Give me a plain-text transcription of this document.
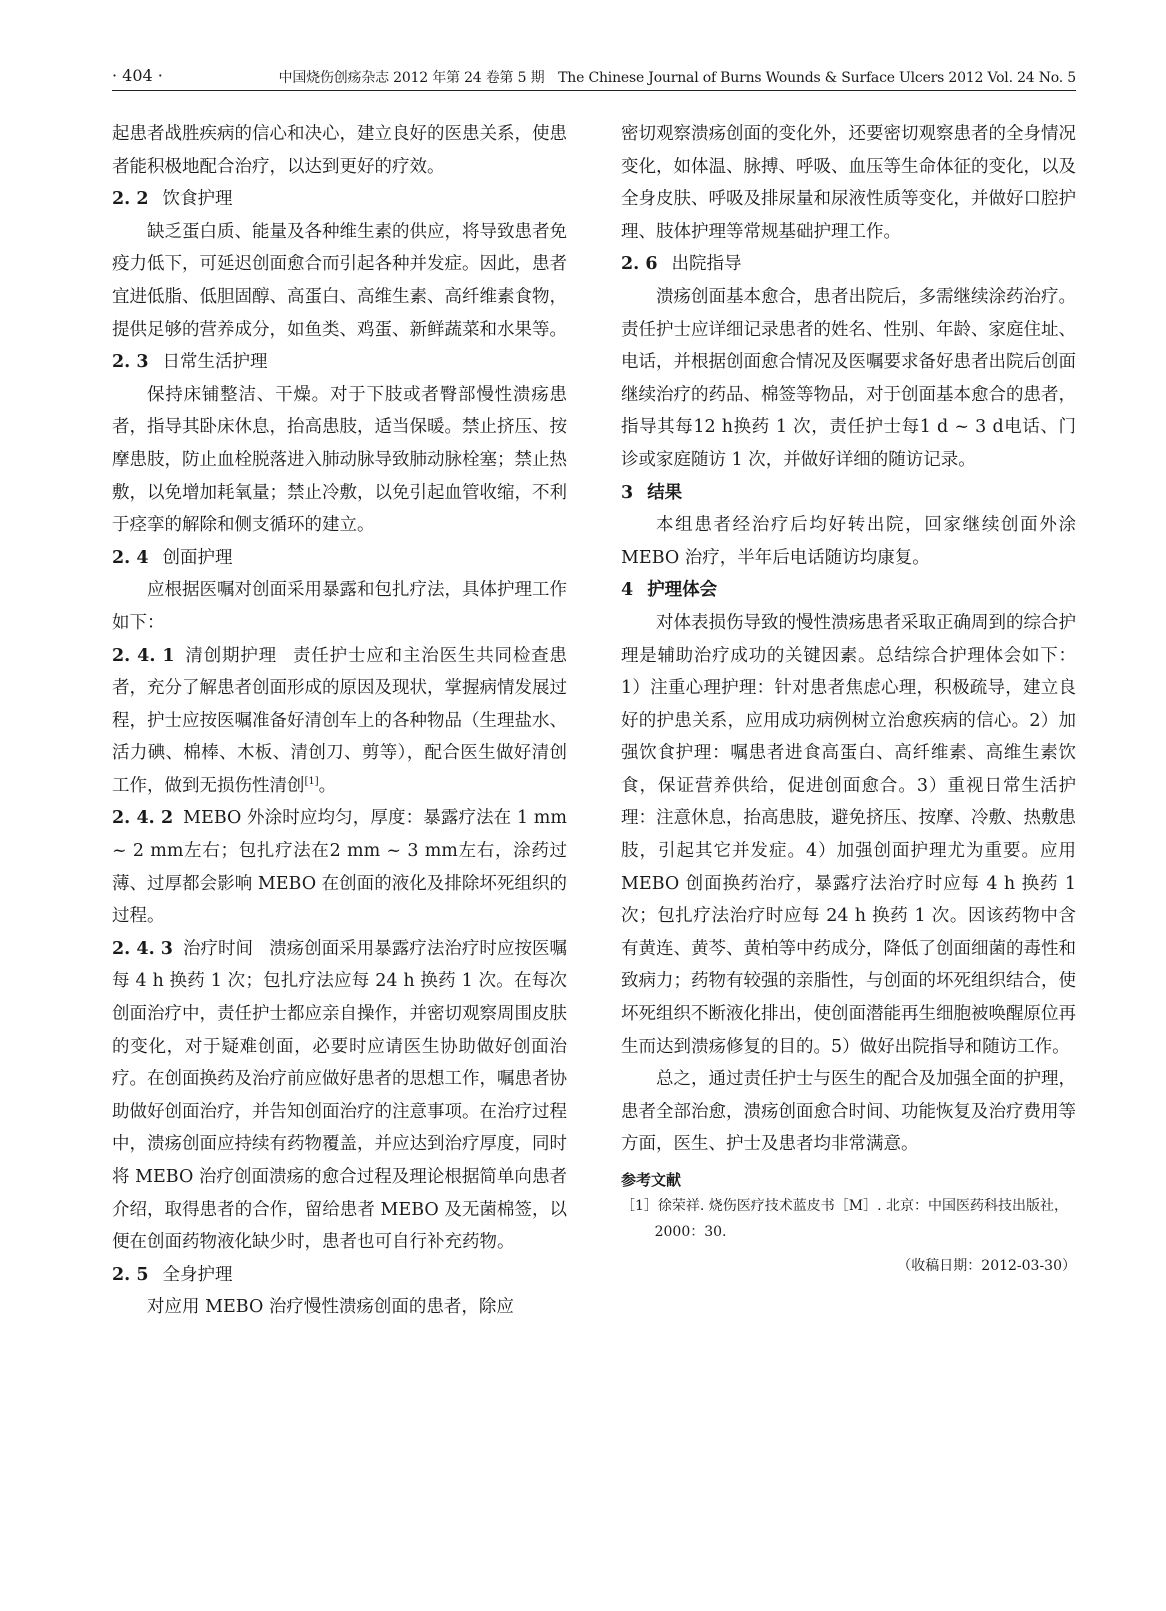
· 404 ·	中国烧伤创疡杂志 2012 年第 24 卷第 5 期　The Chinese Journal of Burns Wounds & Surface Ulcers 2012 Vol. 24 No. 5

起患者战胜疾病的信心和决心，建立良好的医患关系，使患者能积极地配合治疗，以达到更好的疗效。

2. 2 饮食护理

缺乏蛋白质、能量及各种维生素的供应，将导致患者免疫力低下，可延迟创面愈合而引起各种并发症。因此，患者宜进低脂、低胆固醇、高蛋白、高维生素、高纤维素食物，提供足够的营养成分，如鱼类、鸡蛋、新鲜蔬菜和水果等。

2. 3 日常生活护理

保持床铺整洁、干燥。对于下肢或者臀部慢性溃疡患者，指导其卧床休息，抬高患肢，适当保暖。禁止挤压、按摩患肢，防止血栓脱落进入肺动脉导致肺动脉栓塞；禁止热敷，以免增加耗氧量；禁止冷敷，以免引起血管收缩，不利于痉挛的解除和侧支循环的建立。

2. 4 创面护理

应根据医嘱对创面采用暴露和包扎疗法，具体护理工作如下：

2. 4. 1 清创期护理 责任护士应和主治医生共同检查患者，充分了解患者创面形成的原因及现状，掌握病情发展过程，护士应按医嘱准备好清创车上的各种物品（生理盐水、活力碘、棉棒、木板、清创刀、剪等），配合医生做好清创工作，做到无损伤性清创[1]。

2. 4. 2 MEBO 外涂时应均匀，厚度：暴露疗法在 1 mm ~ 2 mm左右；包扎疗法在2 mm ~ 3 mm左右，涂药过薄、过厚都会影响 MEBO 在创面的液化及排除坏死组织的过程。

2. 4. 3 治疗时间 溃疡创面采用暴露疗法治疗时应按医嘱每 4 h 换药 1 次；包扎疗法应每 24 h 换药 1 次。在每次创面治疗中，责任护士都应亲自操作，并密切观察周围皮肤的变化，对于疑难创面，必要时应请医生协助做好创面治疗。在创面换药及治疗前应做好患者的思想工作，嘱患者协助做好创面治疗，并告知创面治疗的注意事项。在治疗过程中，溃疡创面应持续有药物覆盖，并应达到治疗厚度，同时将 MEBO 治疗创面溃疡的愈合过程及理论根据简单向患者介绍，取得患者的合作，留给患者 MEBO 及无菌棉签，以便在创面药物液化缺少时，患者也可自行补充药物。

2. 5 全身护理

对应用 MEBO 治疗慢性溃疡创面的患者，除应

密切观察溃疡创面的变化外，还要密切观察患者的全身情况变化，如体温、脉搏、呼吸、血压等生命体征的变化，以及全身皮肤、呼吸及排尿量和尿液性质等变化，并做好口腔护理、肢体护理等常规基础护理工作。

2. 6 出院指导

溃疡创面基本愈合，患者出院后，多需继续涂药治疗。责任护士应详细记录患者的姓名、性别、年龄、家庭住址、电话，并根据创面愈合情况及医嘱要求备好患者出院后创面继续治疗的药品、棉签等物品，对于创面基本愈合的患者，指导其每12 h换药 1 次，责任护士每1 d ~ 3 d电话、门诊或家庭随访 1 次，并做好详细的随访记录。

3 结果

本组患者经治疗后均好转出院，回家继续创面外涂 MEBO 治疗，半年后电话随访均康复。

4 护理体会

对体表损伤导致的慢性溃疡患者采取正确周到的综合护理是辅助治疗成功的关键因素。总结综合护理体会如下：1）注重心理护理：针对患者焦虑心理，积极疏导，建立良好的护患关系，应用成功病例树立治愈疾病的信心。2）加强饮食护理：嘱患者进食高蛋白、高纤维素、高维生素饮食，保证营养供给，促进创面愈合。3）重视日常生活护理：注意休息，抬高患肢，避免挤压、按摩、冷敷、热敷患肢，引起其它并发症。4）加强创面护理尤为重要。应用 MEBO 创面换药治疗，暴露疗法治疗时应每 4 h 换药 1 次；包扎疗法治疗时应每 24 h 换药 1 次。因该药物中含有黄连、黄芩、黄柏等中药成分，降低了创面细菌的毒性和致病力；药物有较强的亲脂性，与创面的坏死组织结合，使坏死组织不断液化排出，使创面潜能再生细胞被唤醒原位再生而达到溃疡修复的目的。5）做好出院指导和随访工作。

总之，通过责任护士与医生的配合及加强全面的护理，患者全部治愈，溃疡创面愈合时间、功能恢复及治疗费用等方面，医生、护士及患者均非常满意。

参考文献

［1］徐荣祥. 烧伤医疗技术蓝皮书［M］. 北京：中国医药科技出版社，2000：30.

（收稿日期：2012-03-30）
